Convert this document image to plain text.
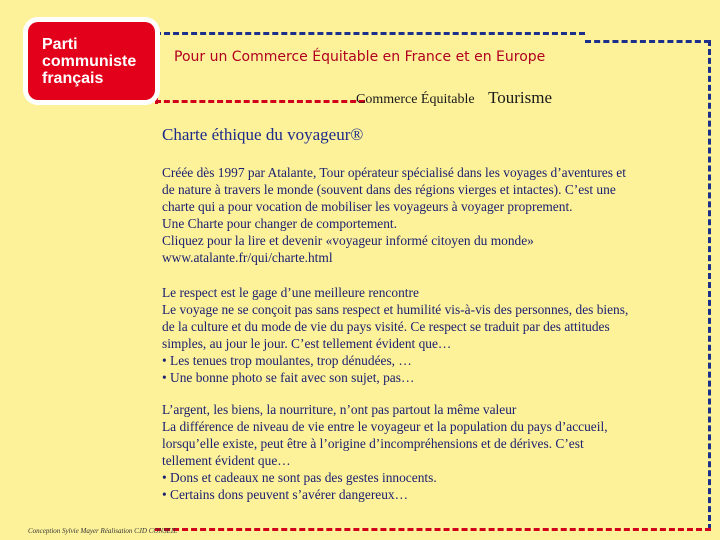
Parti
communiste
français
Pour un Commerce Équitable en France et en Europe
Commerce Équitable Tourisme
Charte éthique du voyageur®
Créée dès 1997 par Atalante, Tour opérateur spécialisé dans les voyages d’aventures et
de nature à travers le monde (souvent dans des régions vierges et intactes). C’est une
charte qui a pour vocation de mobiliser les voyageurs à voyager proprement.
Une Charte pour changer de comportement.
Cliquez pour la lire et devenir «voyageur informé citoyen du monde»
www.atalante.fr/qui/charte.html
Le respect est le gage d’une meilleure rencontre
Le voyage ne se conçoit pas sans respect et humilité vis-à-vis des personnes, des biens,
de la culture et du mode de vie du pays visité. Ce respect se traduit par des attitudes
simples, au jour le jour. C’est tellement évident que…
• Les tenues trop moulantes, trop dénudées, …
• Une bonne photo se fait avec son sujet, pas…
L’argent, les biens, la nourriture, n’ont pas partout la même valeur
La différence de niveau de vie entre le voyageur et la population du pays d’accueil,
lorsqu’elle existe, peut être à l’origine d’incompréhensions et de dérives. C’est
tellement évident que…
• Dons et cadeaux ne sont pas des gestes innocents.
• Certains dons peuvent s’avérer dangereux…
Conception Sylvie Mayer Réalisation CJD CONSEIL
